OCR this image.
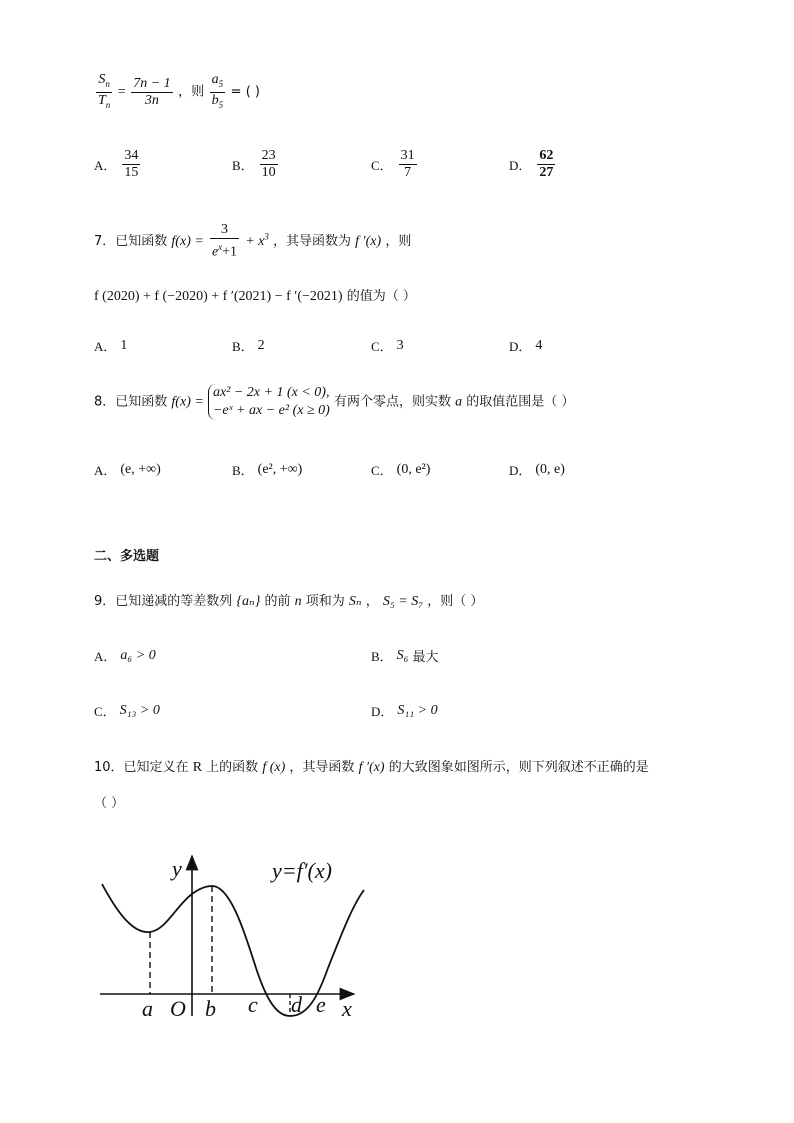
$\frac{S_n}{T_n} = \frac{7n - 1}{3n}$ ，则 $\frac{a_5}{b_5}$ = ( )
A． $\frac{34}{15}$	B． $\frac{23}{10}$	C． $\frac{31}{7}$	D． $\frac{62}{27}$
7．已知函数 $f(x) = \frac{3}{e^x+1} + x^3$ ，其导函数为 f ′(x) ，则
f (2020) + f (−2020) + f ′(2021) − f ′(−2021) 的值为（ ）
A． 1	B． 2	C． 3	D． 4
8．已知函数 f(x) =
ax² − 2x + 1 (x < 0),
−eˣ + ax − e² (x ≥ 0)
有两个零点，则实数 a 的取值范围是（ ）
A． (e, +∞)	B． (e², +∞)	C． (0, e²)	D． (0, e)
二、多选题
9．已知递减的等差数列 {aₙ} 的前 n 项和为 Sₙ ， S₅ = S₇ ，则（ ）
A． a₆ > 0	B． S₆ 最大
C． S₁₃ > 0	D． S₁₁ > 0
10．已知定义在 R 上的函数 f (x) ，其导函数 f ′(x) 的大致图象如图所示，则下列叙述不正确的是
（ ）
y	y=f′(x)
x
O
a b c d e
